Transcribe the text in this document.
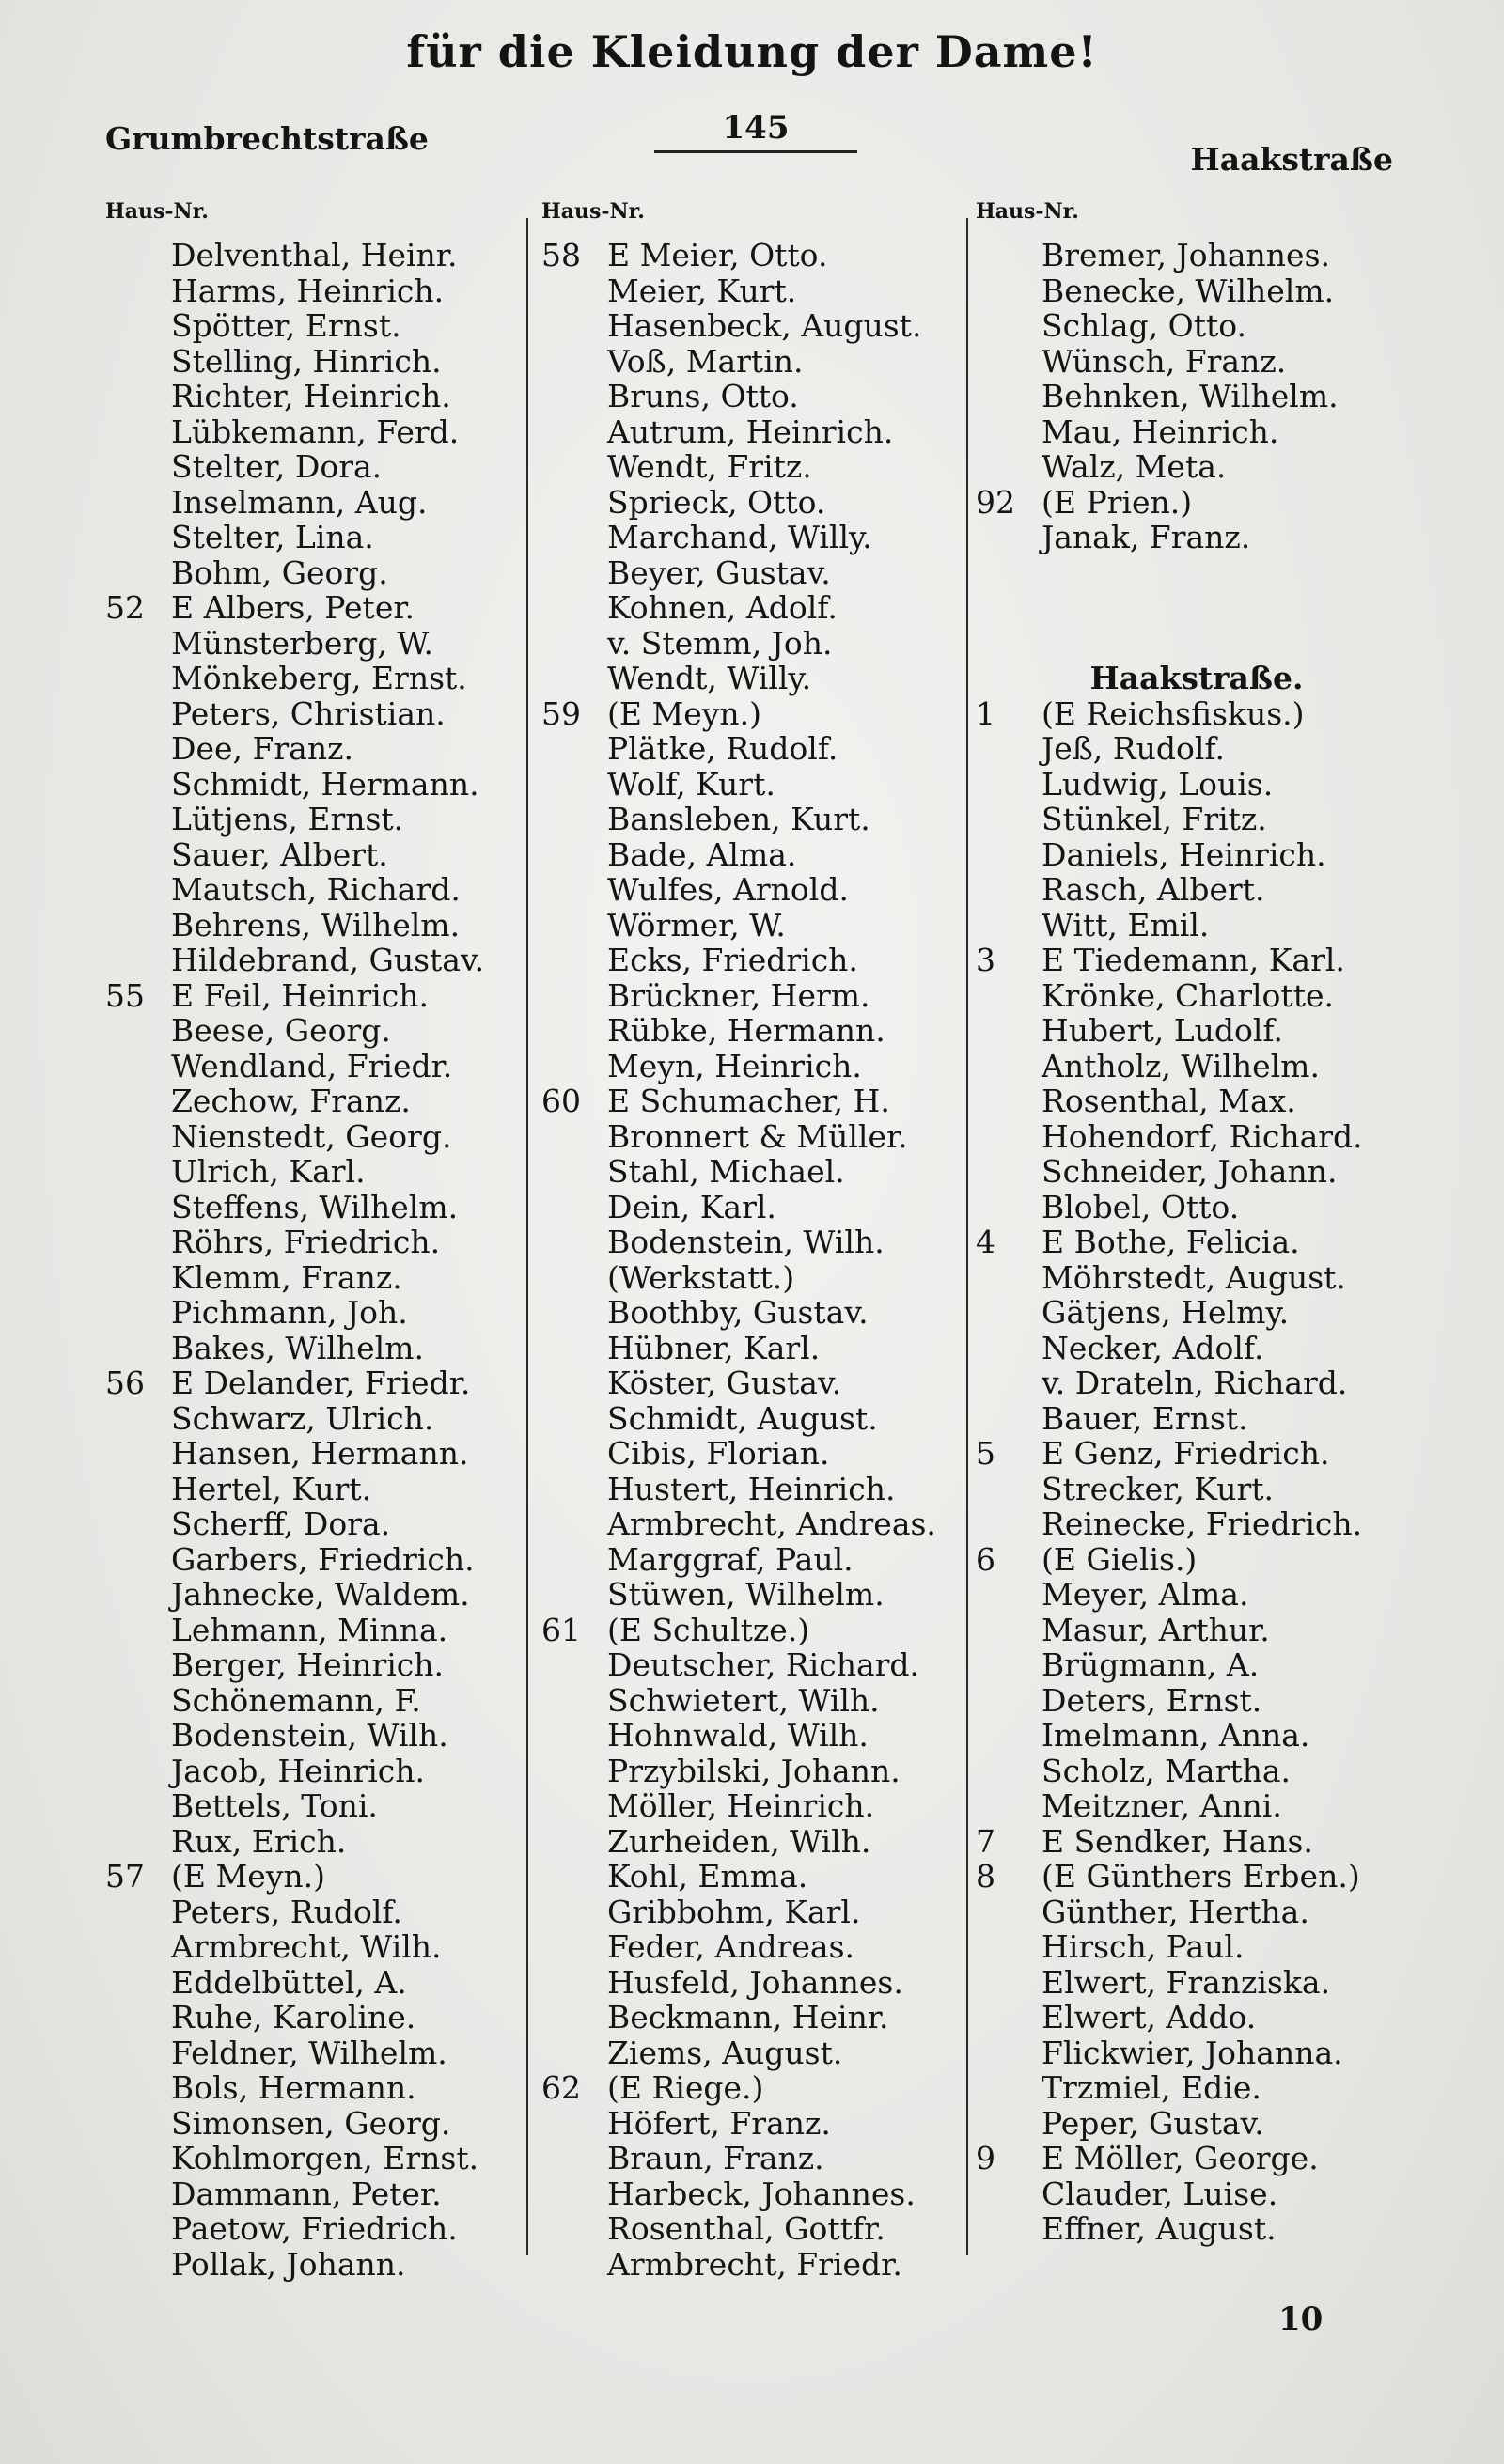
für die Kleidung der Dame!
Grumbrechtstraße	145
Haakstraße
Haus-Nr.
Delventhal, Heinr.
Harms, Heinrich.
Spötter, Ernst.
Stelling, Hinrich.
Richter, Heinrich.
Lübkemann, Ferd.
Stelter, Dora.
Inselmann, Aug.
Stelter, Lina.
Bohm, Georg.
52 E Albers, Peter.
Münsterberg, W.
Mönkeberg, Ernst.
Peters, Christian.
Dee, Franz.
Schmidt, Hermann.
Lütjens, Ernst.
Sauer, Albert.
Mautsch, Richard.
Behrens, Wilhelm.
Hildebrand, Gustav.
55 E Feil, Heinrich.
Beese, Georg.
Wendland, Friedr.
Zechow, Franz.
Nienstedt, Georg.
Ulrich, Karl.
Steffens, Wilhelm.
Röhrs, Friedrich.
Klemm, Franz.
Pichmann, Joh.
Bakes, Wilhelm.
56 E Delander, Friedr.
Schwarz, Ulrich.
Hansen, Hermann.
Hertel, Kurt.
Scherff, Dora.
Garbers, Friedrich.
Jahnecke, Waldem.
Lehmann, Minna.
Berger, Heinrich.
Schönemann, F.
Bodenstein, Wilh.
Jacob, Heinrich.
Bettels, Toni.
Rux, Erich.
57 (E Meyn.)
Peters, Rudolf.
Armbrecht, Wilh.
Eddelbüttel, A.
Ruhe, Karoline.
Feldner, Wilhelm.
Bols, Hermann.
Simonsen, Georg.
Kohlmorgen, Ernst.
Dammann, Peter.
Paetow, Friedrich.
Pollak, Johann.
Haus-Nr.
58 E Meier, Otto.
Meier, Kurt.
Hasenbeck, August.
Voß, Martin.
Bruns, Otto.
Autrum, Heinrich.
Wendt, Fritz.
Sprieck, Otto.
Marchand, Willy.
Beyer, Gustav.
Kohnen, Adolf.
v. Stemm, Joh.
Wendt, Willy.
59 (E Meyn.)
Plätke, Rudolf.
Wolf, Kurt.
Bansleben, Kurt.
Bade, Alma.
Wulfes, Arnold.
Wörmer, W.
Ecks, Friedrich.
Brückner, Herm.
Rübke, Hermann.
Meyn, Heinrich.
60 E Schumacher, H.
Bronnert & Müller.
Stahl, Michael.
Dein, Karl.
Bodenstein, Wilh.
(Werkstatt.)
Boothby, Gustav.
Hübner, Karl.
Köster, Gustav.
Schmidt, August.
Cibis, Florian.
Hustert, Heinrich.
Armbrecht, Andreas.
Marggraf, Paul.
Stüwen, Wilhelm.
61 (E Schultze.)
Deutscher, Richard.
Schwietert, Wilh.
Hohnwald, Wilh.
Przybilski, Johann.
Möller, Heinrich.
Zurheiden, Wilh.
Kohl, Emma.
Gribbohm, Karl.
Feder, Andreas.
Husfeld, Johannes.
Beckmann, Heinr.
Ziems, August.
62 (E Riege.)
Höfert, Franz.
Braun, Franz.
Harbeck, Johannes.
Rosenthal, Gottfr.
Armbrecht, Friedr.
Haus-Nr.
Bremer, Johannes.
Benecke, Wilhelm.
Schlag, Otto.
Wünsch, Franz.
Behnken, Wilhelm.
Mau, Heinrich.
Walz, Meta.
92 (E Prien.)
Janak, Franz.
Haakstraße.
1	(E Reichsfiskus.)
Jeß, Rudolf.
Ludwig, Louis.
Stünkel, Fritz.
Daniels, Heinrich.
Rasch, Albert.
Witt, Emil.
3	E Tiedemann, Karl.
Krönke, Charlotte.
Hubert, Ludolf.
Antholz, Wilhelm.
Rosenthal, Max.
Hohendorf, Richard.
Schneider, Johann.
Blobel, Otto.
4	E Bothe, Felicia.
Möhrstedt, August.
Gätjens, Helmy.
Necker, Adolf.
v. Drateln, Richard.
Bauer, Ernst.
5	E Genz, Friedrich.
Strecker, Kurt.
Reinecke, Friedrich.
6	(E Gielis.)
Meyer, Alma.
Masur, Arthur.
Brügmann, A.
Deters, Ernst.
Imelmann, Anna.
Scholz, Martha.
Meitzner, Anni.
7	E Sendker, Hans.
8	(E Günthers Erben.)
Günther, Hertha.
Hirsch, Paul.
Elwert, Franziska.
Elwert, Addo.
Flickwier, Johanna.
Trzmiel, Edie.
Peper, Gustav.
9	E Möller, George.
Clauder, Luise.
Effner, August.
10
